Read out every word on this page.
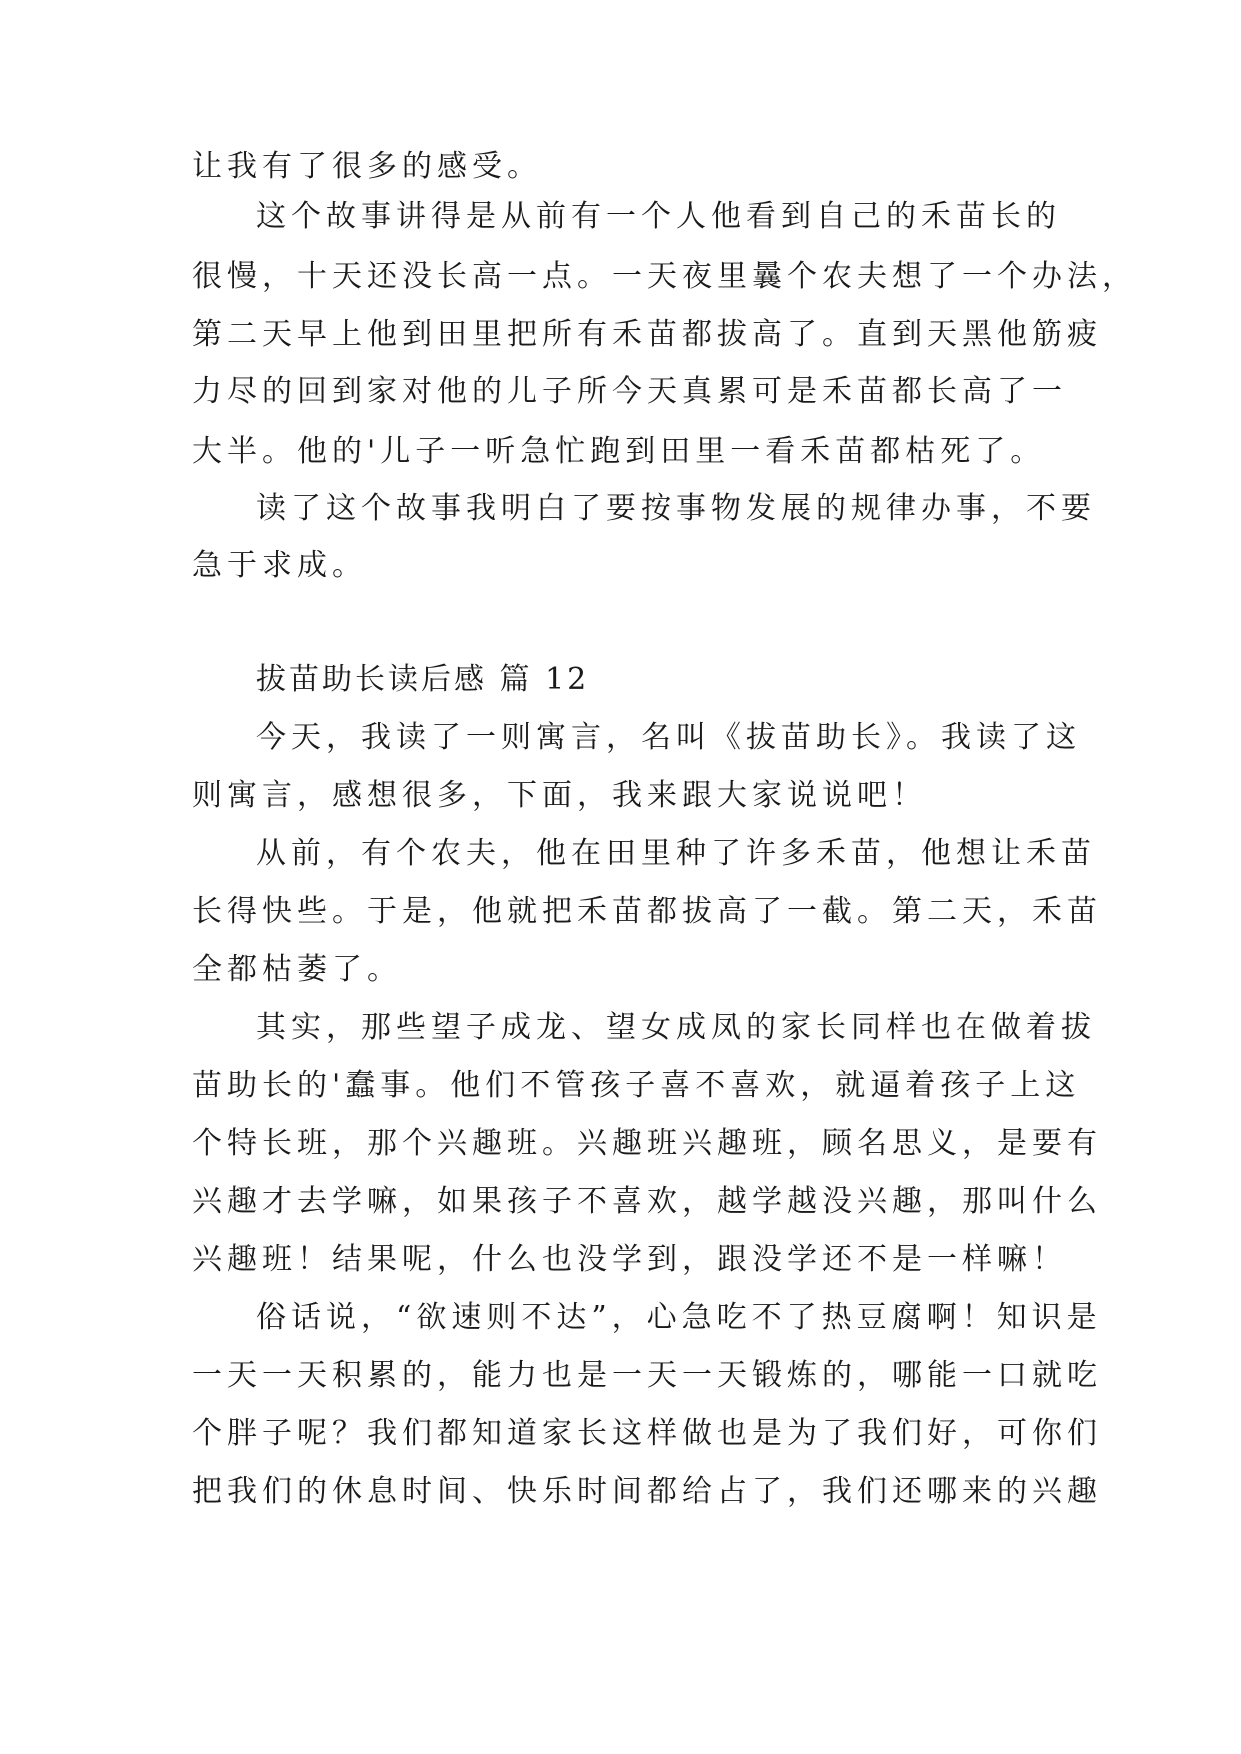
让我有了很多的感受。
这个故事讲得是从前有一个人他看到自己的禾苗长的
很慢，十天还没长高一点。一天夜里曩个农夫想了一个办法，
第二天早上他到田里把所有禾苗都拔高了。直到天黑他筋疲
力尽的回到家对他的儿子所今天真累可是禾苗都长高了一
大半。他的'儿子一听急忙跑到田里一看禾苗都枯死了。
读了这个故事我明白了要按事物发展的规律办事，不要
急于求成。
拔苗助长读后感 篇 12
今天，我读了一则寓言，名叫《拔苗助长》。我读了这
则寓言，感想很多，下面，我来跟大家说说吧！
从前，有个农夫，他在田里种了许多禾苗，他想让禾苗
长得快些。于是，他就把禾苗都拔高了一截。第二天，禾苗
全都枯萎了。
其实，那些望子成龙、望女成凤的家长同样也在做着拔
苗助长的'蠢事。他们不管孩子喜不喜欢，就逼着孩子上这
个特长班，那个兴趣班。兴趣班兴趣班，顾名思义，是要有
兴趣才去学嘛，如果孩子不喜欢，越学越没兴趣，那叫什么
兴趣班！结果呢，什么也没学到，跟没学还不是一样嘛！
俗话说，“欲速则不达”，心急吃不了热豆腐啊！知识是
一天一天积累的，能力也是一天一天锻炼的，哪能一口就吃
个胖子呢？我们都知道家长这样做也是为了我们好，可你们
把我们的休息时间、快乐时间都给占了，我们还哪来的兴趣
